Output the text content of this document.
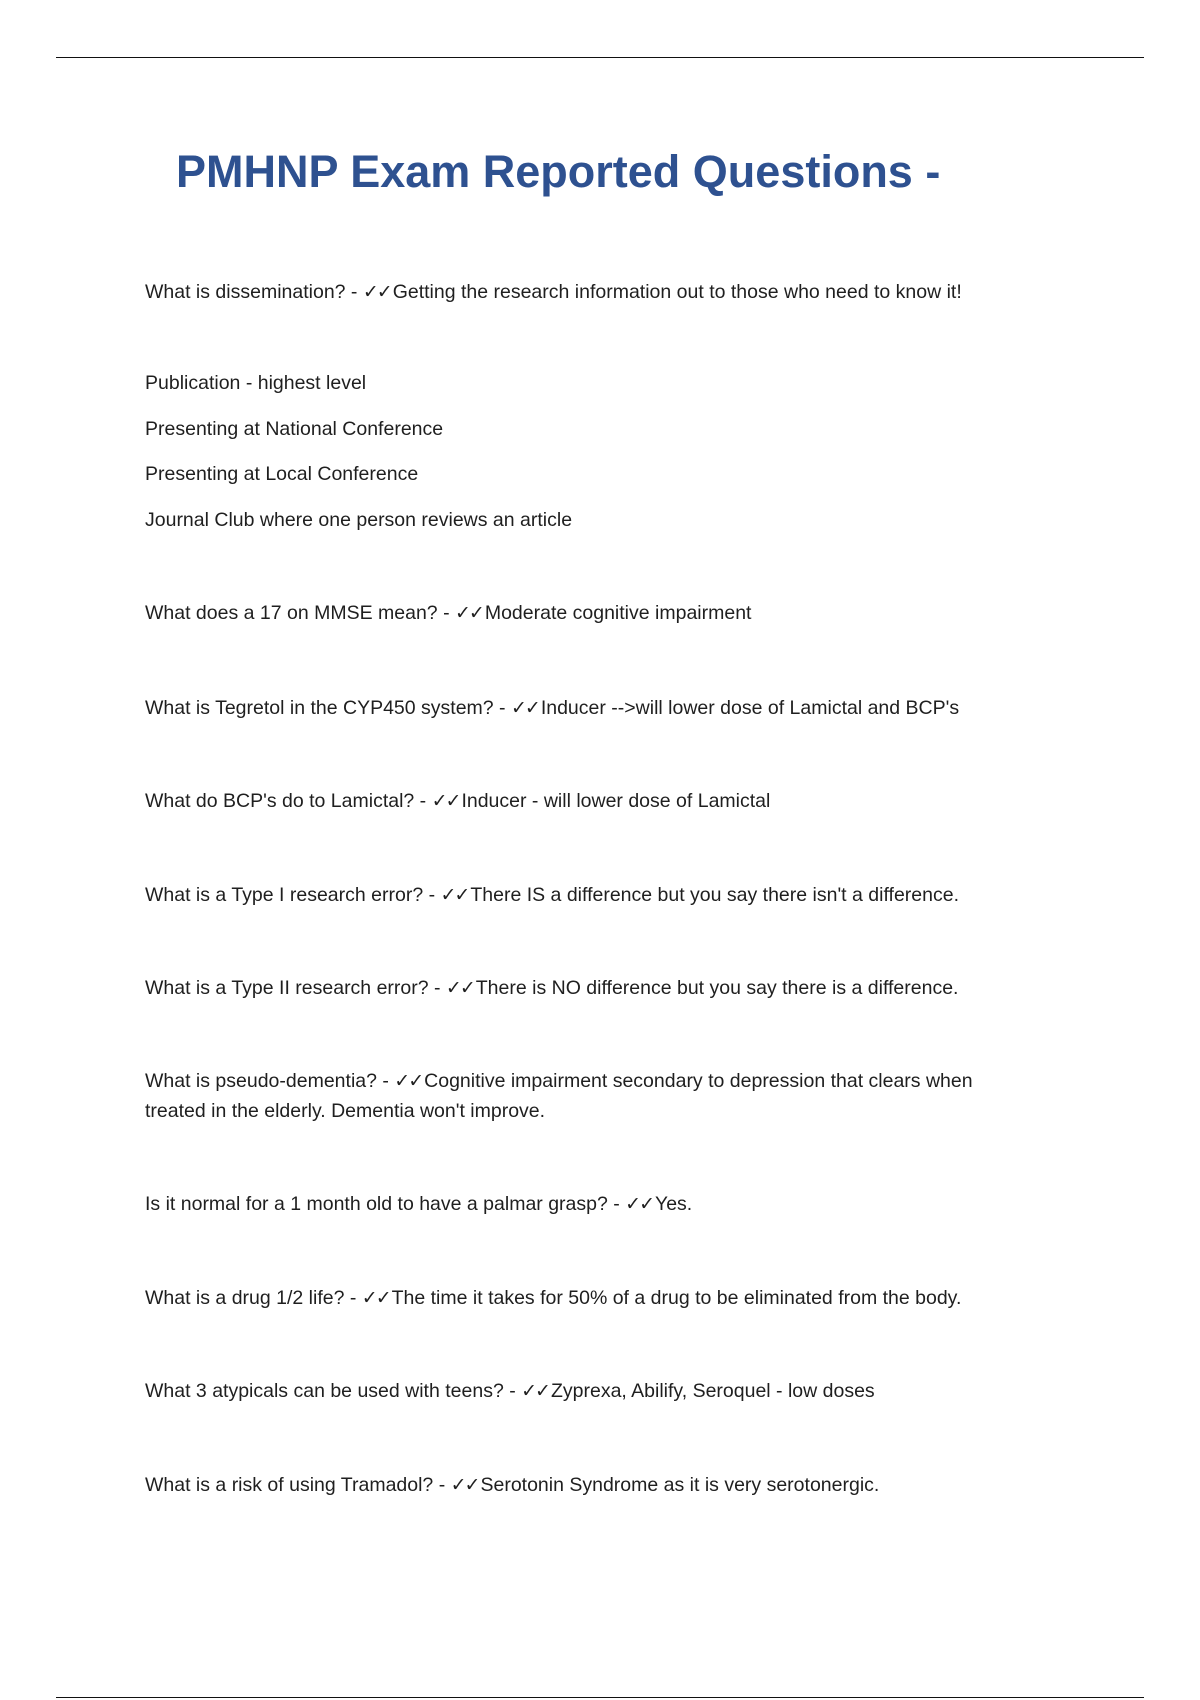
PMHNP Exam Reported Questions -

What is dissemination? - ✓✓ Getting the research information out to those who need to know it!

Publication - highest level

Presenting at National Conference

Presenting at Local Conference

Journal Club where one person reviews an article

What does a 17 on MMSE mean? - ✓✓ Moderate cognitive impairment

What is Tegretol in the CYP450 system? - ✓✓ Inducer -->will lower dose of Lamictal and BCP's

What do BCP's do to Lamictal? - ✓✓ Inducer - will lower dose of Lamictal

What is a Type I research error? - ✓✓ There IS a difference but you say there isn't a difference.

What is a Type II research error? - ✓✓ There is NO difference but you say there is a difference.

What is pseudo-dementia? - ✓✓ Cognitive impairment secondary to depression that clears when treated in the elderly. Dementia won't improve.

Is it normal for a 1 month old to have a palmar grasp? - ✓✓ Yes.

What is a drug 1/2 life? - ✓✓ The time it takes for 50% of a drug to be eliminated from the body.

What 3 atypicals can be used with teens? - ✓✓ Zyprexa, Abilify, Seroquel - low doses

What is a risk of using Tramadol? - ✓✓ Serotonin Syndrome as it is very serotonergic.
